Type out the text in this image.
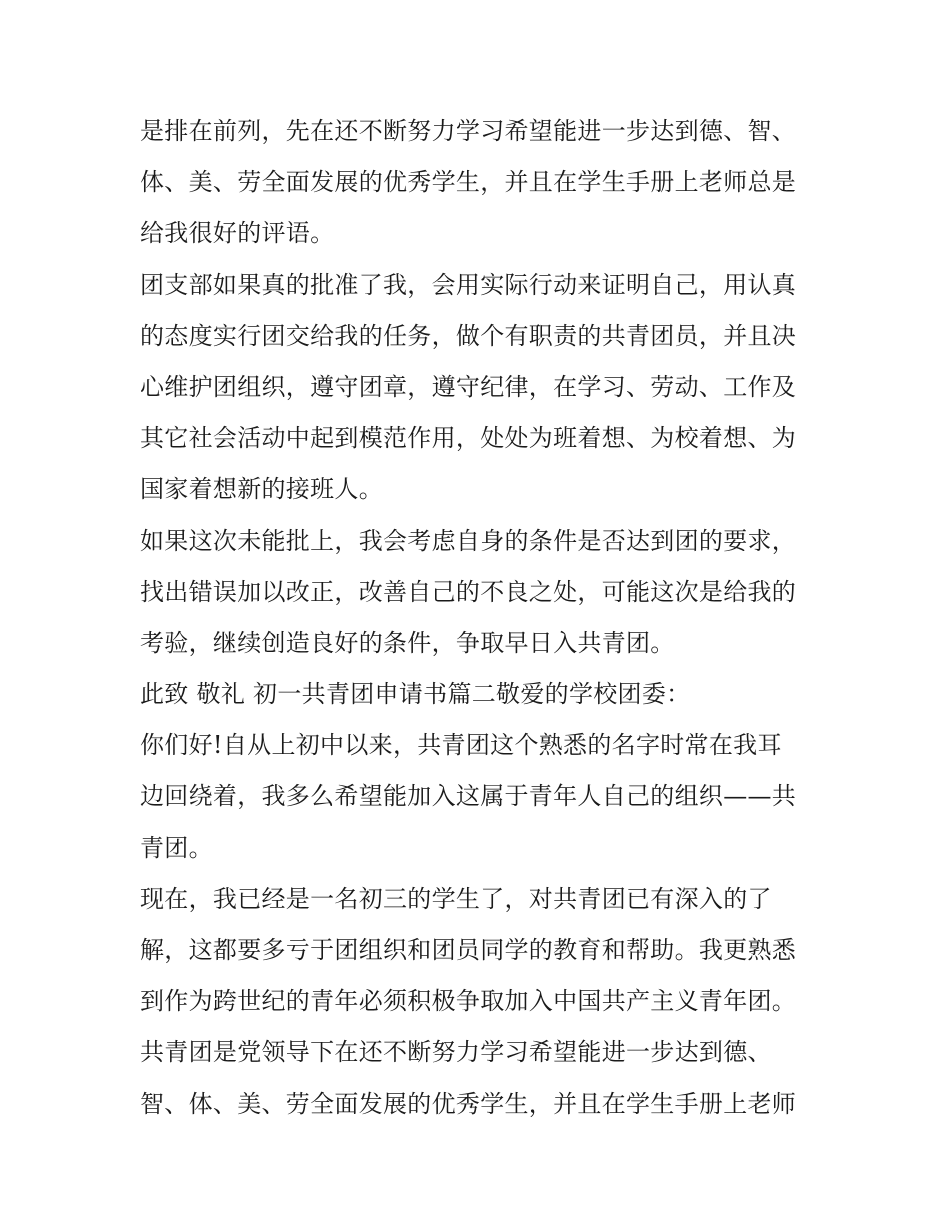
是排在前列，先在还不断努力学习希望能进一步达到德、智、
体、美、劳全面发展的优秀学生，并且在学生手册上老师总是
给我很好的评语。
团支部如果真的批准了我，会用实际行动来证明自己，用认真
的态度实行团交给我的任务，做个有职责的共青团员，并且决
心维护团组织，遵守团章，遵守纪律，在学习、劳动、工作及
其它社会活动中起到模范作用，处处为班着想、为校着想、为
国家着想新的接班人。
如果这次未能批上，我会考虑自身的条件是否达到团的要求，
找出错误加以改正，改善自己的不良之处，可能这次是给我的
考验，继续创造良好的条件，争取早日入共青团。
此致 敬礼 初一共青团申请书篇二敬爱的学校团委：
你们好!自从上初中以来，共青团这个熟悉的名字时常在我耳
边回绕着，我多么希望能加入这属于青年人自己的组织——共
青团。
现在，我已经是一名初三的学生了，对共青团已有深入的了
解，这都要多亏于团组织和团员同学的教育和帮助。我更熟悉
到作为跨世纪的青年必须积极争取加入中国共产主义青年团。
共青团是党领导下在还不断努力学习希望能进一步达到德、
智、体、美、劳全面发展的优秀学生，并且在学生手册上老师
